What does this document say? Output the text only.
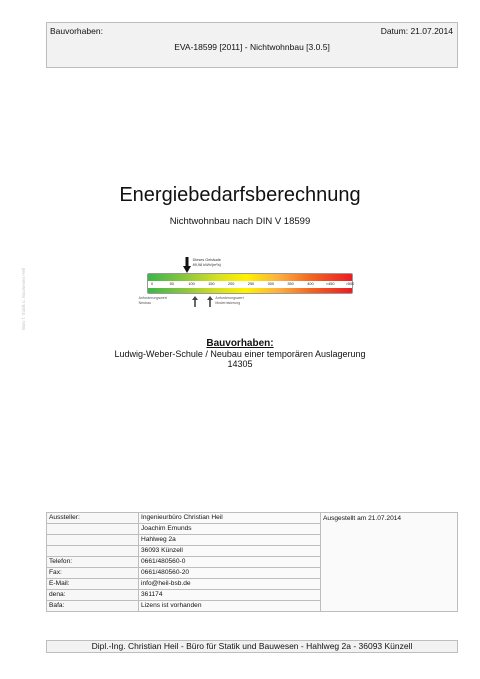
Bauvorhaben:	Datum: 21.07.2014
EVA-18599 [2011] - Nichtwohnbau [3.0.5]
Energiebedarfsberechnung
Nichtwohnbau nach DIN V 18599
Dieses Gebäude
89,98 kWh/(m²a)
0	50	100	150	200	250	300	350	400	>450	>500
Anforderungswert
Neubau
Anforderungswert
Modernisierung
Bauvorhaben:
Ludwig-Weber-Schule / Neubau einer temporären Auslagerung
14305
Büro f. Statik u. Bauwesen Heil
Aussteller:	Ingenieurbüro Christian Heil	Ausgestellt am 21.07.2014
	Joachim Emunds	
	Hahlweg 2a	
	36093 Künzell	
Telefon:	0661/480560-0	
Fax:	0661/480560-20	
E-Mail:	info@heil-bsb.de	
dena:	361174	
Bafa:	Lizens ist vorhanden	
Dipl.-Ing. Christian Heil - Büro für Statik und Bauwesen - Hahlweg 2a - 36093 Künzell
